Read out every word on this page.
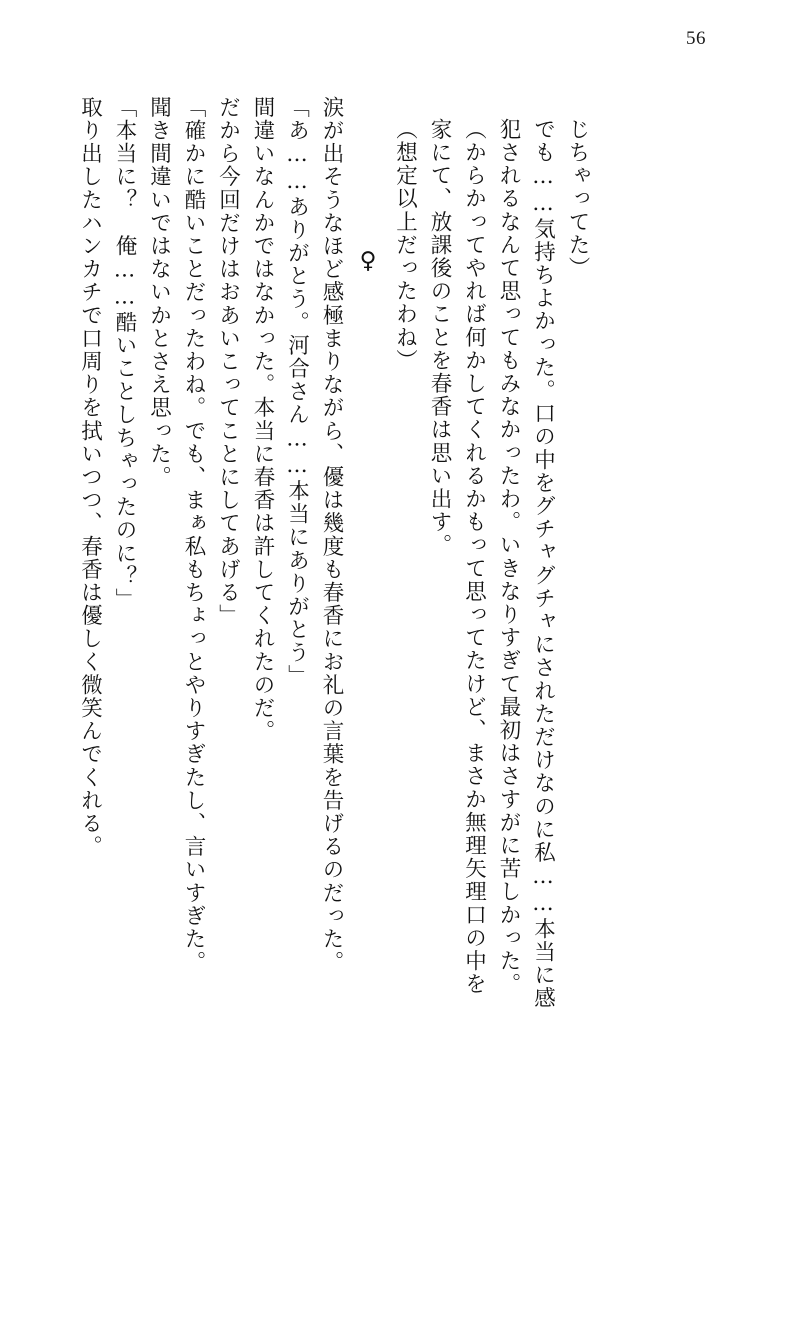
56
取り出したハンカチで口周りを拭いつつ、春香は優しく微笑んでくれる。 「本当に？　俺……酷いことしちゃったのに？」 聞き間違いではないかとさえ思った。 「確かに酷いことだったわね。でも、まぁ私もちょっとやりすぎたし、言いすぎた。 だから今回だけはおあいこってことにしてあげる」 間違いなんかではなかった。本当に春香は許してくれたのだ。 「あ……ありがとう。河合さん……本当にありがとう」 涙が出そうなほど感極まりながら、優は幾度も春香にお礼の言葉を告げるのだった。 ♀ （想定以上だったわね） 家にて、放課後のことを春香は思い出す。 （からかってやれば何かしてくれるかもって思ってたけど、まさか無理矢理口の中を 犯されるなんて思ってもみなかったわ。いきなりすぎて最初はさすがに苦しかった。 でも……気持ちよかった。口の中をグチャグチャにされただけなのに私……本当に感 じちゃってた）
